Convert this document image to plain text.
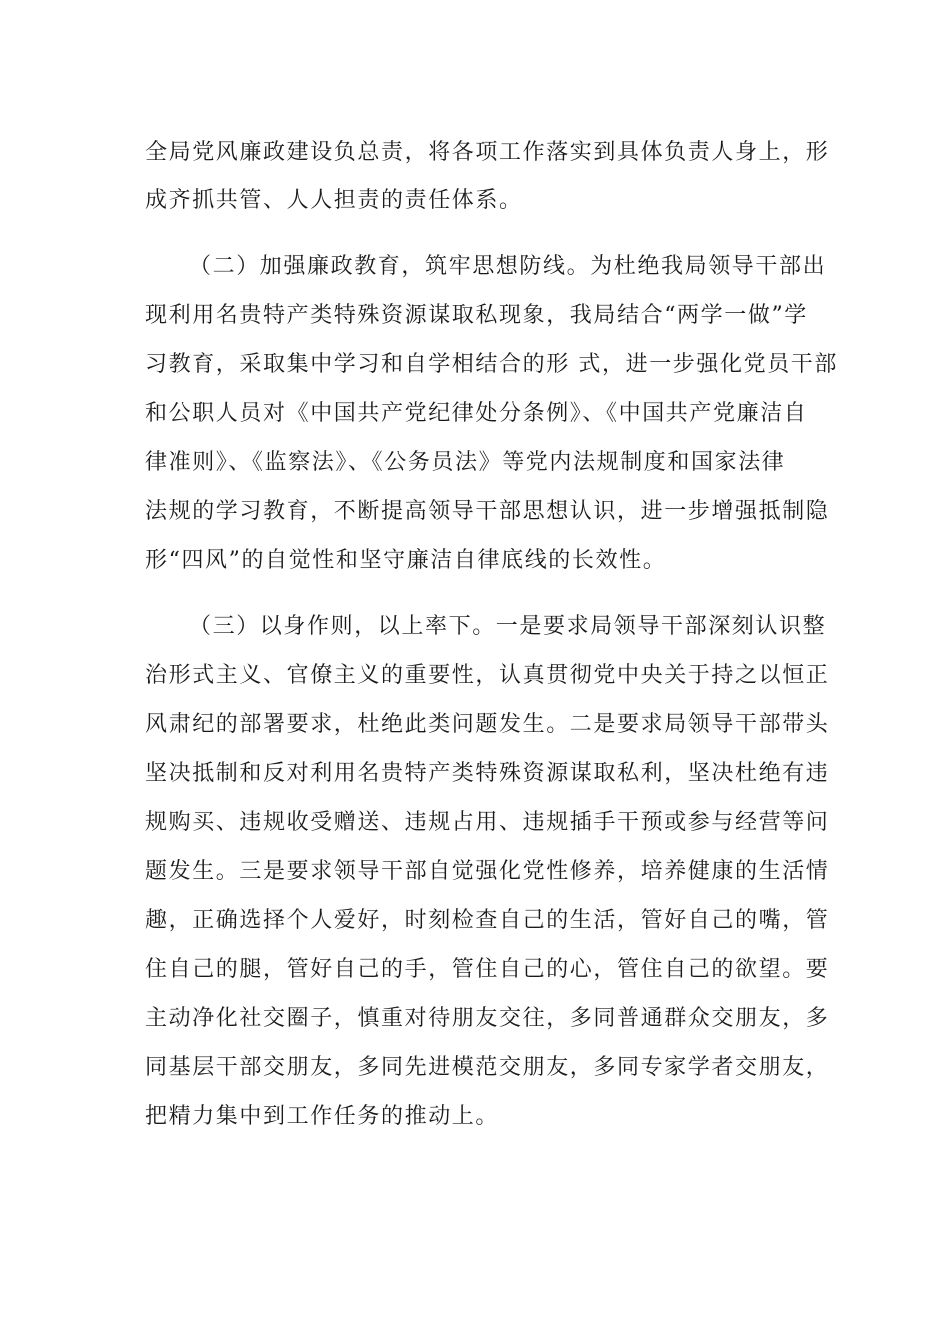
全局党风廉政建设负总责，将各项工作落实到具体负责人身上，形
成齐抓共管、人人担责的责任体系。
（二）加强廉政教育，筑牢思想防线。为杜绝我局领导干部出
现利用名贵特产类特殊资源谋取私现象，我局结合“两学一做”学
习教育，采取集中学习和自学相结合的形 式，进一步强化党员干部
和公职人员对《中国共产党纪律处分条例》、《中国共产党廉洁自
律准则》、《监察法》、《公务员法》等党内法规制度和国家法律
法规的学习教育，不断提高领导干部思想认识，进一步增强抵制隐
形“四风”的自觉性和坚守廉洁自律底线的长效性。
（三）以身作则，以上率下。一是要求局领导干部深刻认识整
治形式主义、官僚主义的重要性，认真贯彻党中央关于持之以恒正
风肃纪的部署要求，杜绝此类问题发生。二是要求局领导干部带头
坚决抵制和反对利用名贵特产类特殊资源谋取私利，坚决杜绝有违
规购买、违规收受赠送、违规占用、违规插手干预或参与经营等问
题发生。三是要求领导干部自觉强化党性修养，培养健康的生活情
趣，正确选择个人爱好，时刻检查自己的生活，管好自己的嘴，管
住自己的腿，管好自己的手，管住自己的心，管住自己的欲望。要
主动净化社交圈子，慎重对待朋友交往，多同普通群众交朋友，多
同基层干部交朋友，多同先进模范交朋友，多同专家学者交朋友，
把精力集中到工作任务的推动上。
